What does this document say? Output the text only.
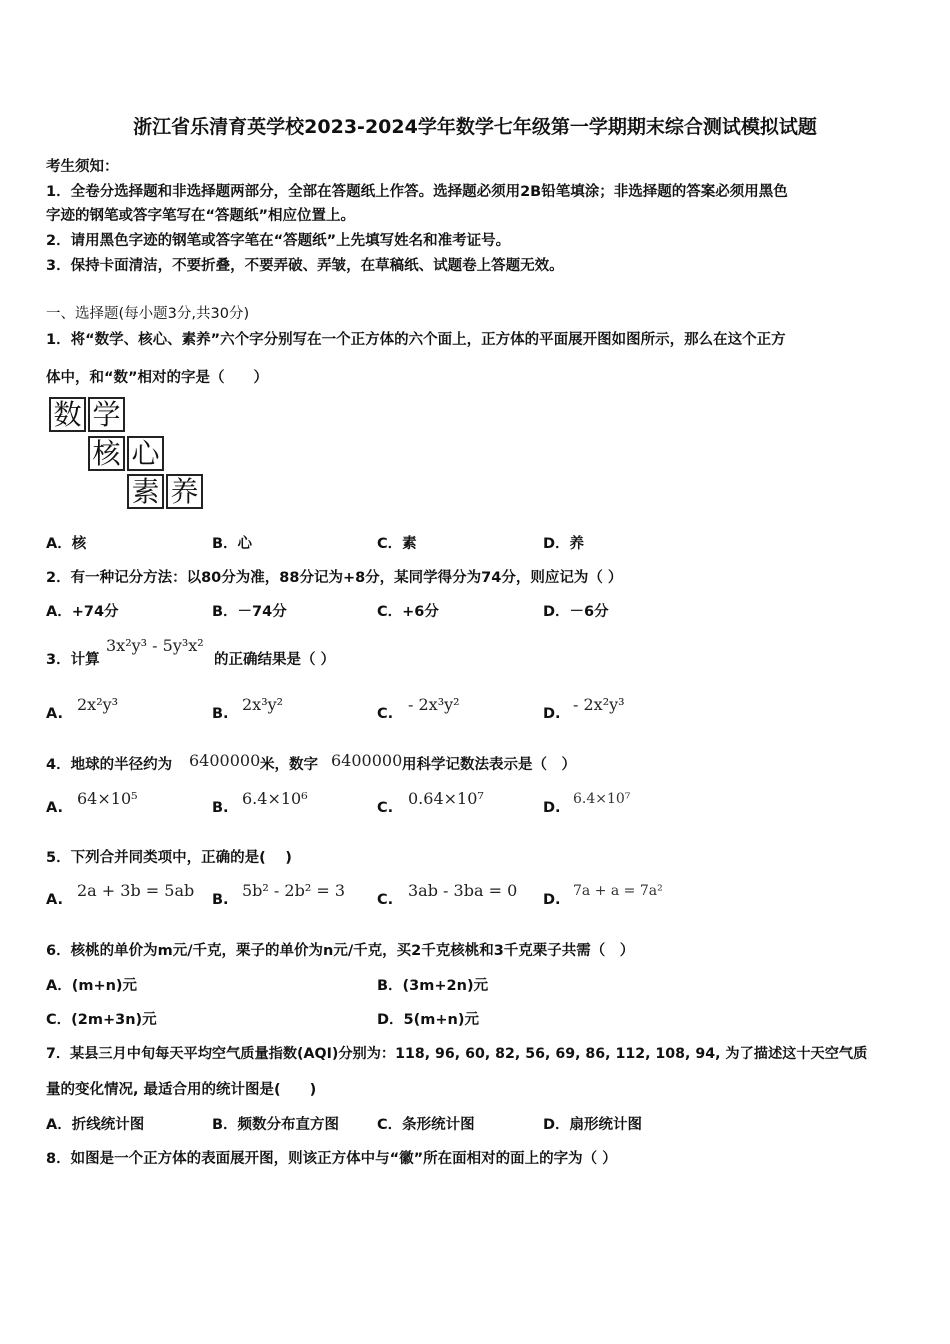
浙江省乐清育英学校2023-2024学年数学七年级第一学期期末综合测试模拟试题
考生须知：
1．全卷分选择题和非选择题两部分，全部在答题纸上作答。选择题必须用2B铅笔填涂；非选择题的答案必须用黑色
字迹的钢笔或答字笔写在“答题纸”相应位置上。
2．请用黑色字迹的钢笔或答字笔在“答题纸”上先填写姓名和准考证号。
3．保持卡面清洁，不要折叠，不要弄破、弄皱，在草稿纸、试题卷上答题无效。
一、选择题(每小题3分,共30分)
1．将“数学、核心、素养”六个字分别写在一个正方体的六个面上，正方体的平面展开图如图所示，那么在这个正方
体中，和“数”相对的字是（　　）
数 学
核 心
素 养
A．核	B．心	C．素	D．养
2．有一种记分方法：以80分为准，88分记为+8分，某同学得分为74分，则应记为（ ）
A．+74分	B．－74分	C．+6分	D．－6分
3．计算
3x²y³ - 5y³x²
的正确结果是（ ）
A. 2x²y³	B. 2x³y²	C. - 2x³y²	D. - 2x²y³
4．地球的半径约为 6400000 米，数字 6400000 用科学记数法表示是（　）
A. 64×10⁵	B. 6.4×10⁶	C. 0.64×10⁷	D.
6.4×10⁷
5．下列合并同类项中，正确的是(　 )
A. 2a + 3b = 5ab B. 5b² - 2b² = 3 C. 3ab - 3ba = 0 D.
7a + a = 7a²
6．核桃的单价为m元/千克，栗子的单价为n元/千克，买2千克核桃和3千克栗子共需（　）
A．(m+n)元	B．(3m+2n)元
C．(2m+3n)元	D．5(m+n)元
7．某县三月中旬每天平均空气质量指数(AQI)分别为：118, 96, 60, 82, 56, 69, 86, 112, 108, 94, 为了描述这十天空气质
量的变化情况, 最适合用的统计图是(　　)
A．折线统计图	B．频数分布直方图	C．条形统计图	D．扇形统计图
8．如图是一个正方体的表面展开图，则该正方体中与“徽”所在面相对的面上的字为（ ）
